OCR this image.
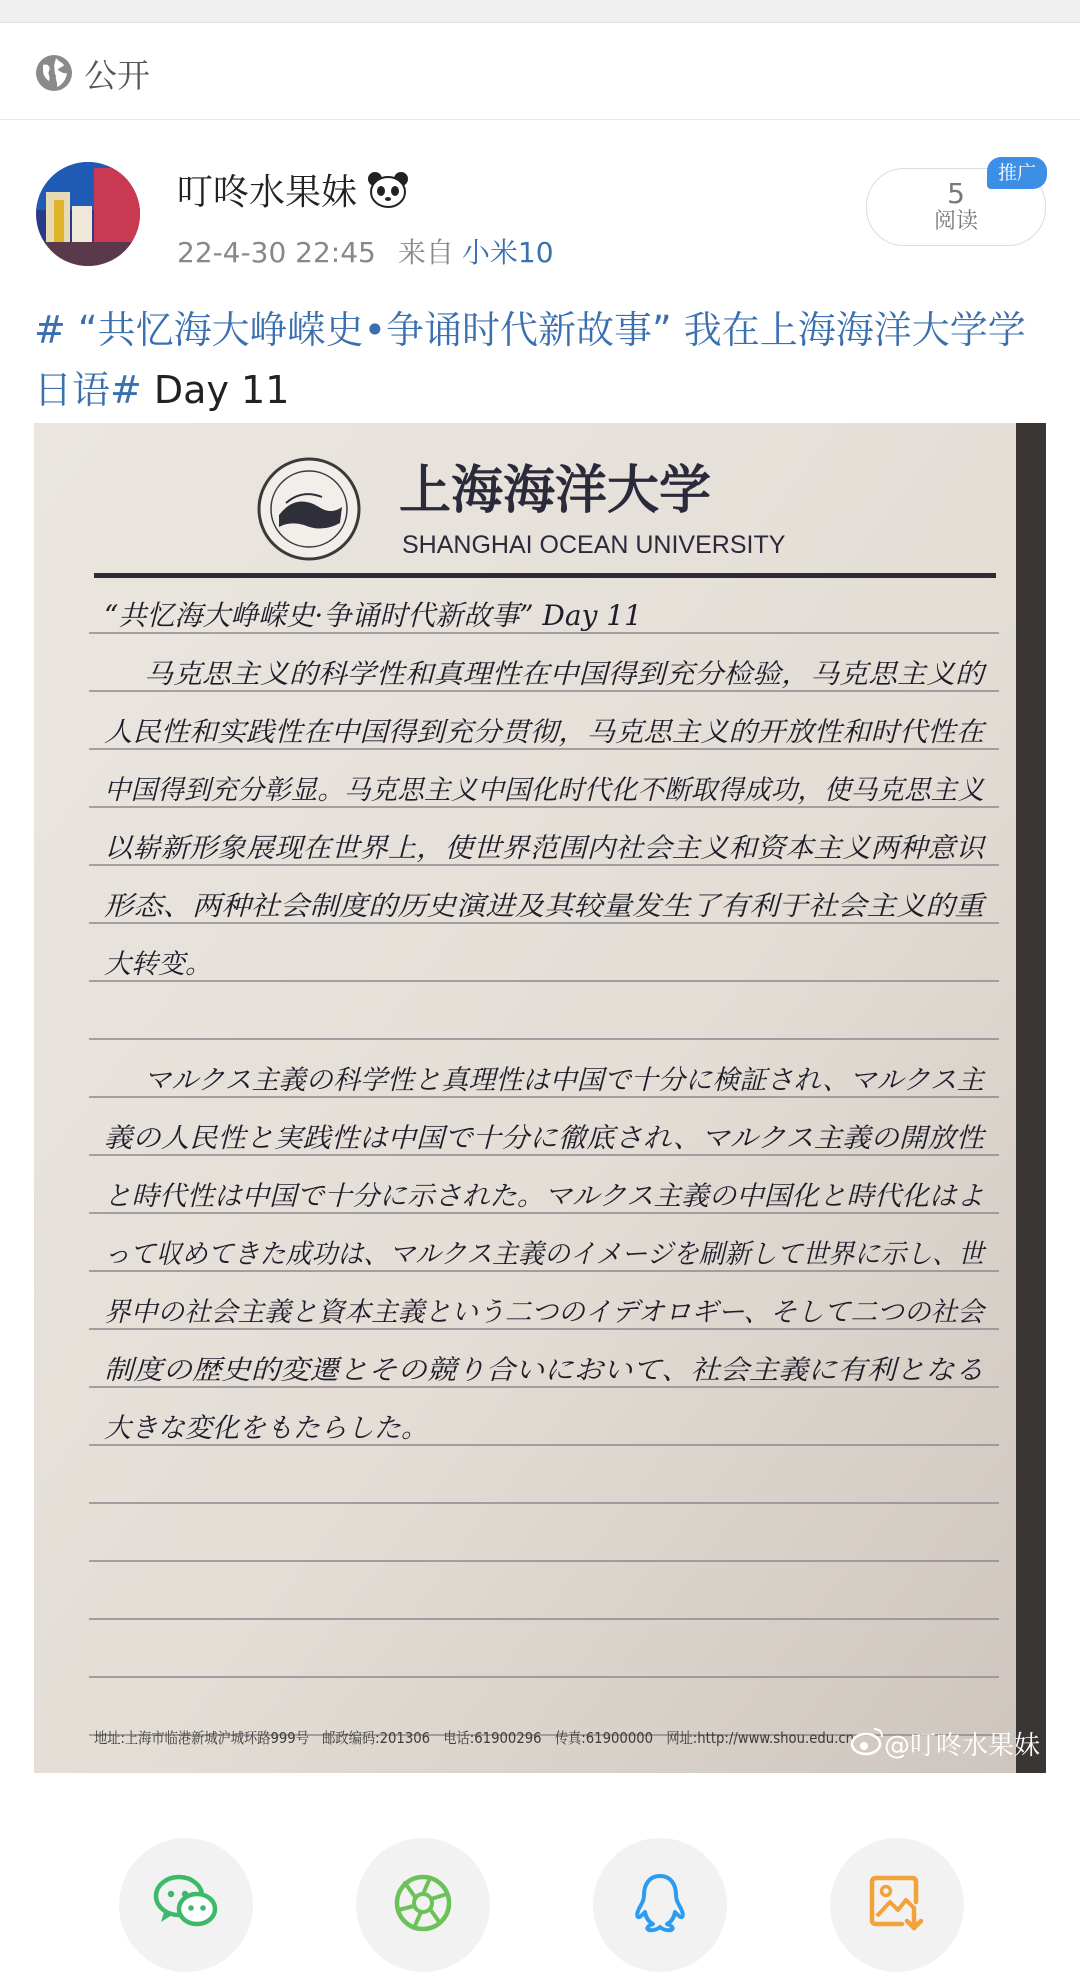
公开
叮咚水果妹
22-4-30 22:45 来自 小米10
5
阅读
推广
# “共忆海大峥嵘史•争诵时代新故事” 我在上海海洋大学学日语# Day 11
上海海洋大学
SHANGHAI OCEAN UNIVERSITY
“共忆海大峥嵘史·争诵时代新故事” Day 11
马克思主义的科学性和真理性在中国得到充分检验，马克思主义的
人民性和实践性在中国得到充分贯彻，马克思主义的开放性和时代性在
中国得到充分彰显。马克思主义中国化时代化不断取得成功，使马克思主义
以崭新形象展现在世界上，使世界范围内社会主义和资本主义两种意识
形态、两种社会制度的历史演进及其较量发生了有利于社会主义的重
大转变。
マルクス主義の科学性と真理性は中国で十分に検証され、マルクス主
義の人民性と実践性は中国で十分に徹底され、マルクス主義の開放性
と時代性は中国で十分に示された。マルクス主義の中国化と時代化はよ
って収めてきた成功は、マルクス主義のイメージを刷新して世界に示し、世
界中の社会主義と資本主義という二つのイデオロギー、そして二つの社会
制度の歴史的変遷とその競り合いにおいて、社会主義に有利となる
大きな変化をもたらした。
地址:上海市临港新城沪城环路999号　邮政编码:201306　电话:61900296　传真:61900000　网址:http://www.shou.edu.cn @叮咚水果妹
